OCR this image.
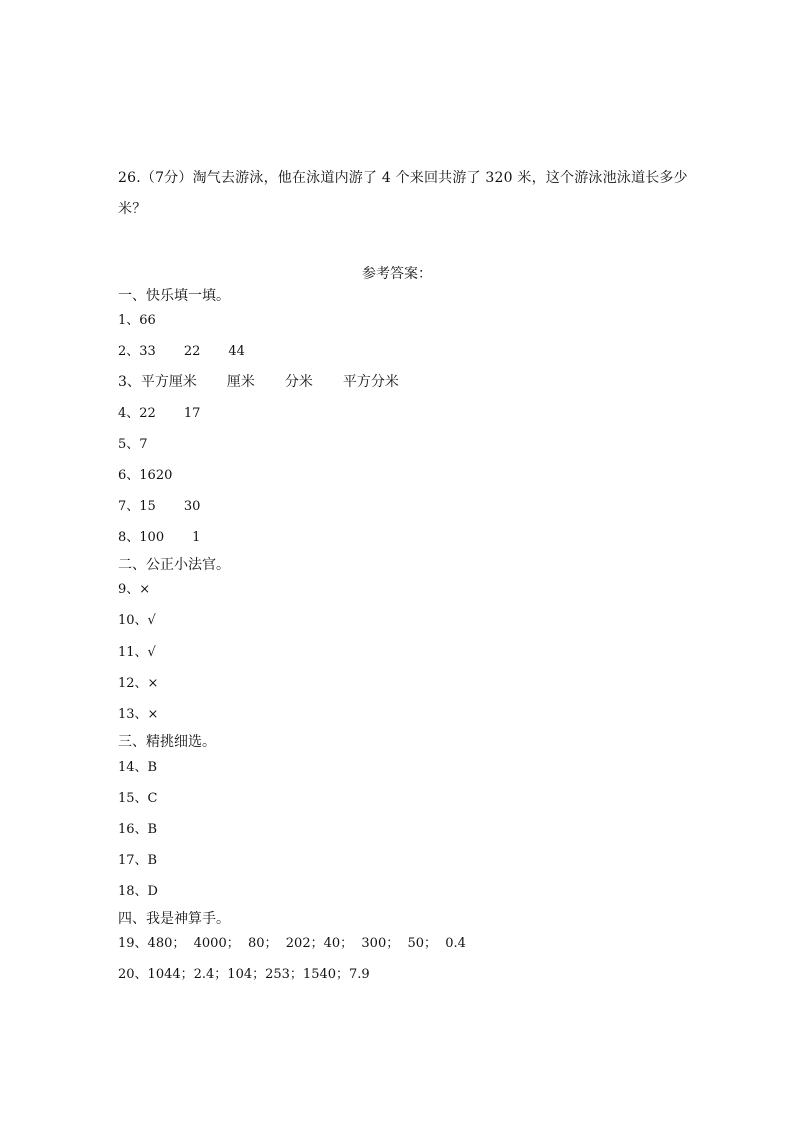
26.（7分）淘气去游泳，他在泳道内游了 4 个来回共游了 320 米，这个游泳池泳道长多少米？
参考答案：
一、快乐填一填。
1、66
2、33 22 44
3、平方厘米 厘米 分米 平方分米
4、22 17
5、7
6、1620
7、15 30
8、100 1
二、公正小法官。
9、×
10、√
11、√
12、×
13、×
三、精挑细选。
14、B
15、C
16、B
17、B
18、D
四、我是神算手。
19、480；  4000；  80；  202；40；  300；  50；  0.4
20、1044；2.4；104；253；1540；7.9
